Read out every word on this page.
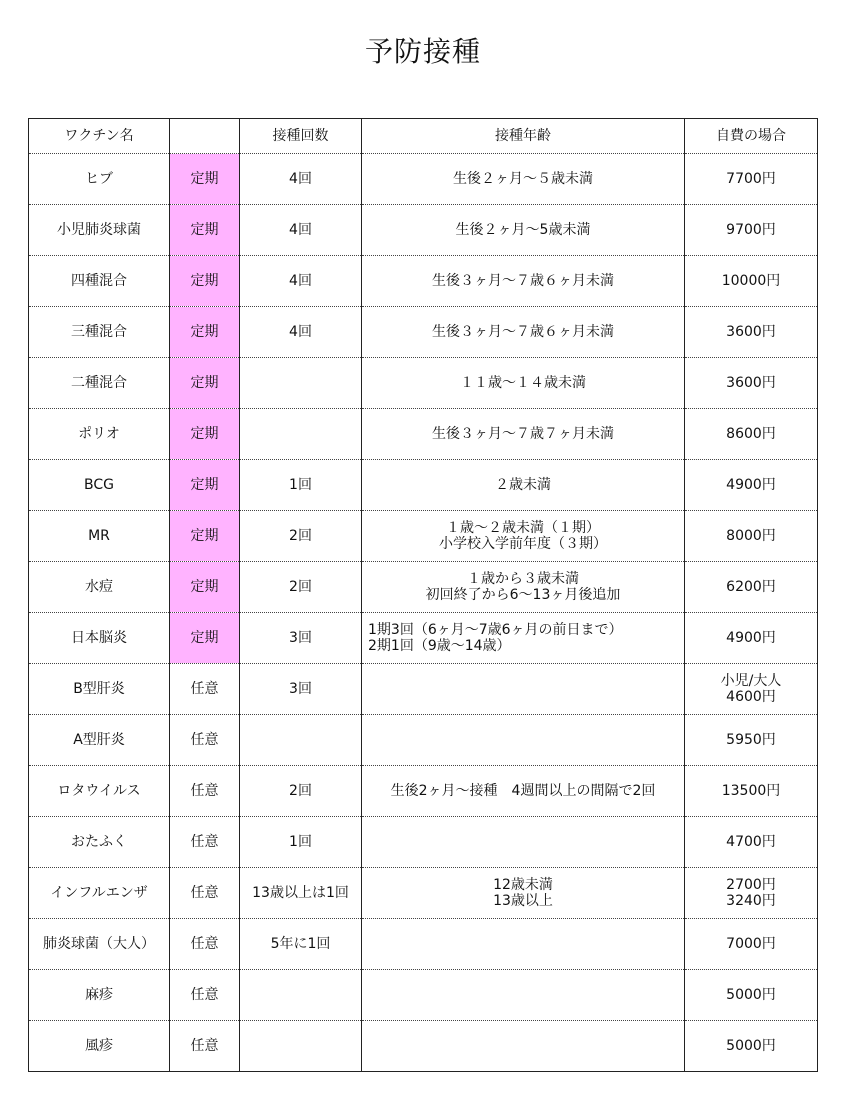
予防接種
ワクチン名		接種回数	接種年齢	自費の場合
ヒブ	定期	4回	生後２ヶ月～５歳未満	7700円

小児肺炎球菌	定期	4回	生後２ヶ月～5歳未満	9700円

四種混合	定期	4回	生後３ヶ月～７歳６ヶ月未満	10000円

三種混合	定期	4回	生後３ヶ月～７歳６ヶ月未満	3600円

二種混合	定期		１１歳～１４歳未満	3600円

ポリオ	定期		生後３ヶ月～７歳７ヶ月未満	8600円

BCG	定期	1回	２歳未満	4900円

MR	定期	2回	１歳～２歳未満（１期）
小学校入学前年度（３期）	8000円

水痘	定期	2回	１歳から３歳未満
初回終了から6～13ヶ月後追加	6200円

日本脳炎	定期	3回	1期3回（6ヶ月～7歳6ヶ月の前日まで）
2期1回（9歳～14歳）	4900円

B型肝炎	任意	3回		小児/大人
4600円

A型肝炎	任意			5950円

ロタウイルス	任意	2回	生後2ヶ月～接種　4週間以上の間隔で2回	13500円

おたふく	任意	1回		4700円

インフルエンザ	任意	13歳以上は1回	12歳未満
13歳以上	2700円
3240円

肺炎球菌（大人）	任意	5年に1回		7000円

麻疹	任意			5000円

風疹	任意			5000円
